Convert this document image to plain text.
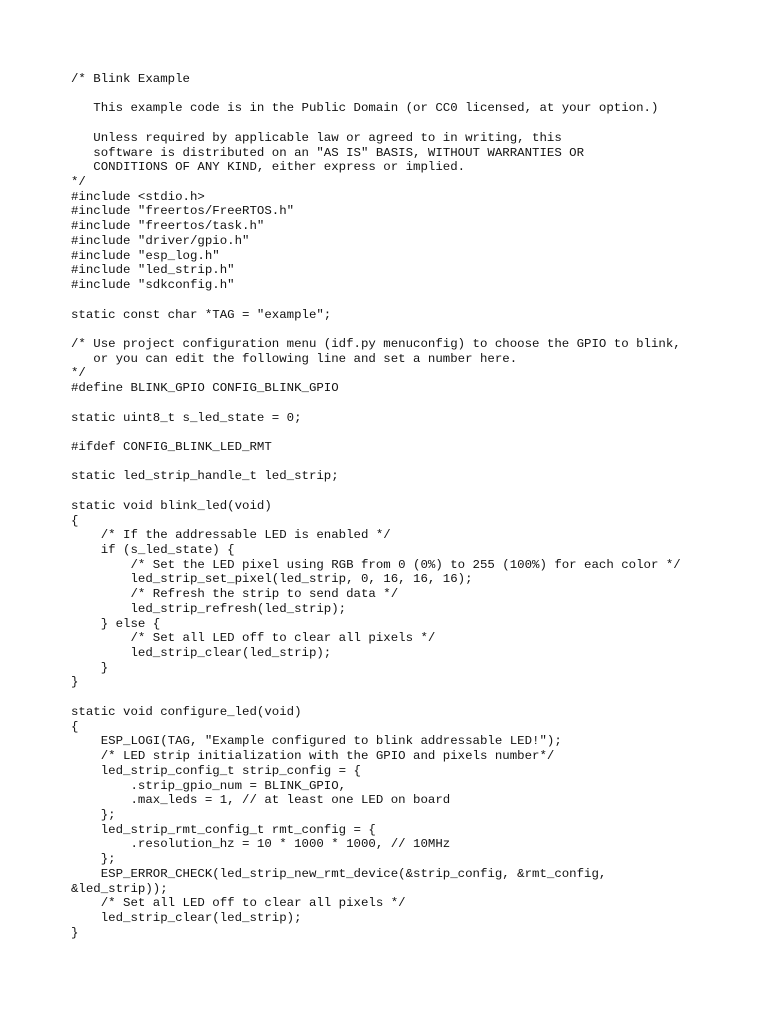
/* Blink Example
This example code is in the Public Domain (or CC0 licensed, at your option.)
Unless required by applicable law or agreed to in writing, this
software is distributed on an "AS IS" BASIS, WITHOUT WARRANTIES OR
CONDITIONS OF ANY KIND, either express or implied.
*/
#include <stdio.h>
#include "freertos/FreeRTOS.h"
#include "freertos/task.h"
#include "driver/gpio.h"
#include "esp_log.h"
#include "led_strip.h"
#include "sdkconfig.h"
static const char *TAG = "example";
/* Use project configuration menu (idf.py menuconfig) to choose the GPIO to blink,
or you can edit the following line and set a number here.
*/
#define BLINK_GPIO CONFIG_BLINK_GPIO
static uint8_t s_led_state = 0;
#ifdef CONFIG_BLINK_LED_RMT
static led_strip_handle_t led_strip;
static void blink_led(void)
{
/* If the addressable LED is enabled */
if (s_led_state) {
/* Set the LED pixel using RGB from 0 (0%) to 255 (100%) for each color */
led_strip_set_pixel(led_strip, 0, 16, 16, 16);
/* Refresh the strip to send data */
led_strip_refresh(led_strip);
} else {
/* Set all LED off to clear all pixels */
led_strip_clear(led_strip);
}
}
static void configure_led(void)
{
ESP_LOGI(TAG, "Example configured to blink addressable LED!");
/* LED strip initialization with the GPIO and pixels number*/
led_strip_config_t strip_config = {
.strip_gpio_num = BLINK_GPIO,
.max_leds = 1, // at least one LED on board
};
led_strip_rmt_config_t rmt_config = {
.resolution_hz = 10 * 1000 * 1000, // 10MHz
};
ESP_ERROR_CHECK(led_strip_new_rmt_device(&strip_config, &rmt_config,
&led_strip));
/* Set all LED off to clear all pixels */
led_strip_clear(led_strip);
}
